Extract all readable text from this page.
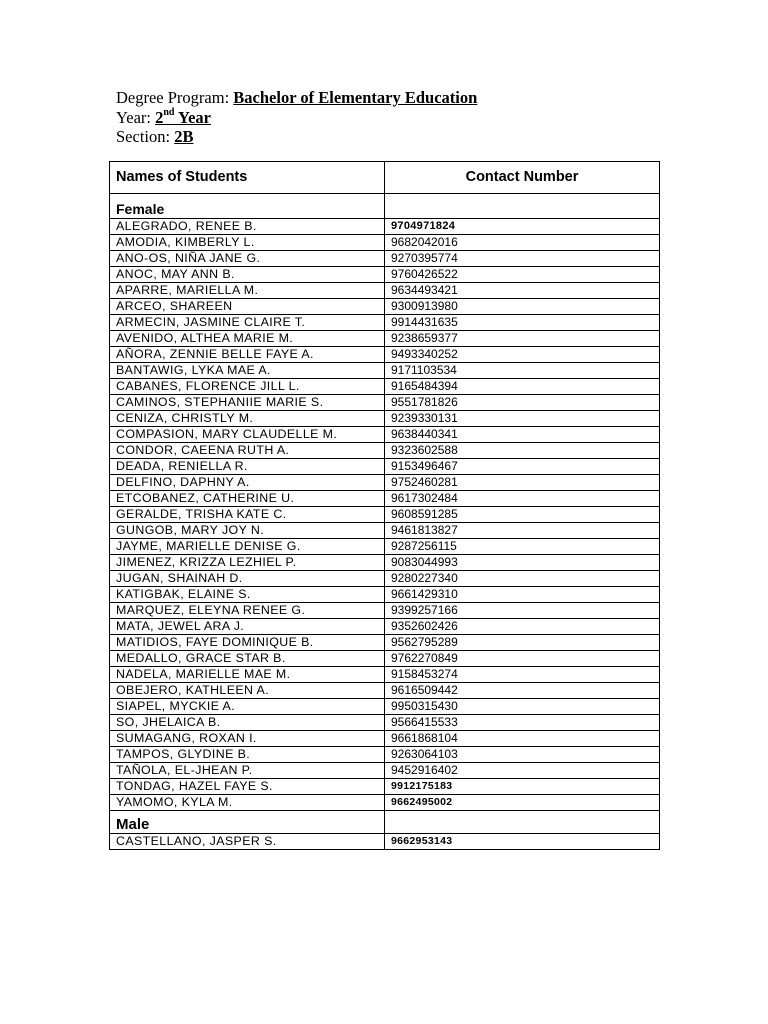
Degree Program: Bachelor of Elementary Education
Year: 2nd Year
Section: 2B
Names of Students	Contact Number
Female	
ALEGRADO, RENEE B.	9704971824
AMODIA, KIMBERLY L.	9682042016
ANO-OS, NIÑA JANE G.	9270395774
ANOC, MAY ANN B.	9760426522
APARRE, MARIELLA M.	9634493421
ARCEO, SHAREEN	9300913980
ARMECIN, JASMINE CLAIRE T.	9914431635
AVENIDO, ALTHEA MARIE M.	9238659377
AÑORA, ZENNIE BELLE FAYE A.	9493340252
BANTAWIG, LYKA MAE A.	9171103534
CABANES, FLORENCE JILL L.	9165484394
CAMINOS, STEPHANIIE MARIE S.	9551781826
CENIZA, CHRISTLY M.	9239330131
COMPASION, MARY CLAUDELLE M.	9638440341
CONDOR, CAEENA RUTH A.	9323602588
DEADA, RENIELLA R.	9153496467
DELFINO, DAPHNY A.	9752460281
ETCOBANEZ, CATHERINE U.	9617302484
GERALDE, TRISHA KATE C.	9608591285
GUNGOB, MARY JOY N.	9461813827
JAYME, MARIELLE DENISE G.	9287256115
JIMENEZ, KRIZZA LEZHIEL P.	9083044993
JUGAN, SHAINAH D.	9280227340
KATIGBAK, ELAINE S.	9661429310
MARQUEZ, ELEYNA RENEE G.	9399257166
MATA, JEWEL ARA J.	9352602426
MATIDIOS, FAYE DOMINIQUE B.	9562795289
MEDALLO, GRACE STAR B.	9762270849
NADELA, MARIELLE MAE M.	9158453274
OBEJERO, KATHLEEN A.	9616509442
SIAPEL, MYCKIE A.	9950315430
SO, JHELAICA B.	9566415533
SUMAGANG, ROXAN I.	9661868104
TAMPOS, GLYDINE B.	9263064103
TAÑOLA, EL-JHEAN P.	9452916402
TONDAG, HAZEL FAYE S.	9912175183
YAMOMO, KYLA M.	9662495002
Male	
CASTELLANO, JASPER S.	9662953143
